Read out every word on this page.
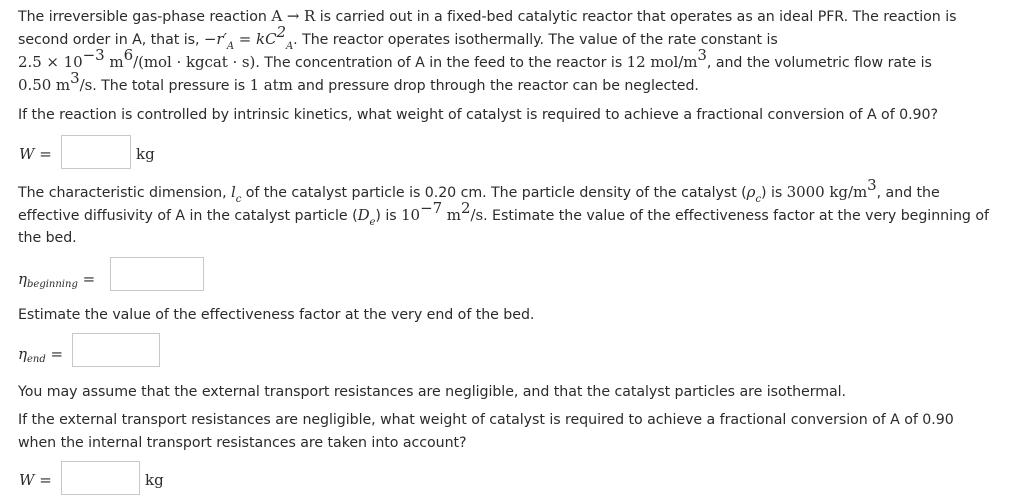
The irreversible gas-phase reaction A → R is carried out in a fixed-bed catalytic reactor that operates as an ideal PFR. The reaction is
second order in A, that is, $-r'_A = kC^2_A$. The reactor operates isothermally. The value of the rate constant is
$2.5 \times 10^{-3}$ $m^6/(mol$ · kgcat · s). The concentration of A in the feed to the reactor is 12 mol/$m^3$, and the volumetric flow rate is
0.50 $m^3/s$. The total pressure is 1 atm and pressure drop through the reactor can be neglected.
If the reaction is controlled by intrinsic kinetics, what weight of catalyst is required to achieve a fractional conversion of A of 0.90?
W =	kg
The characteristic dimension, $l_c$ of the catalyst particle is 0.20 cm. The particle density of the catalyst $(\rho_c)$ is 3000 $kg/m^3$, and the
effective diffusivity of A in the catalyst particle $(D_e)$ is $10^{-7}$ $m^2/s$. Estimate the value of the effectiveness factor at the very beginning of
the bed.
$\eta_{beginning}$ =
Estimate the value of the effectiveness factor at the very end of the bed.
$\eta_{end}$ =
You may assume that the external transport resistances are negligible, and that the catalyst particles are isothermal.
If the external transport resistances are negligible, what weight of catalyst is required to achieve a fractional conversion of A of 0.90
when the internal transport resistances are taken into account?
W =	kg
